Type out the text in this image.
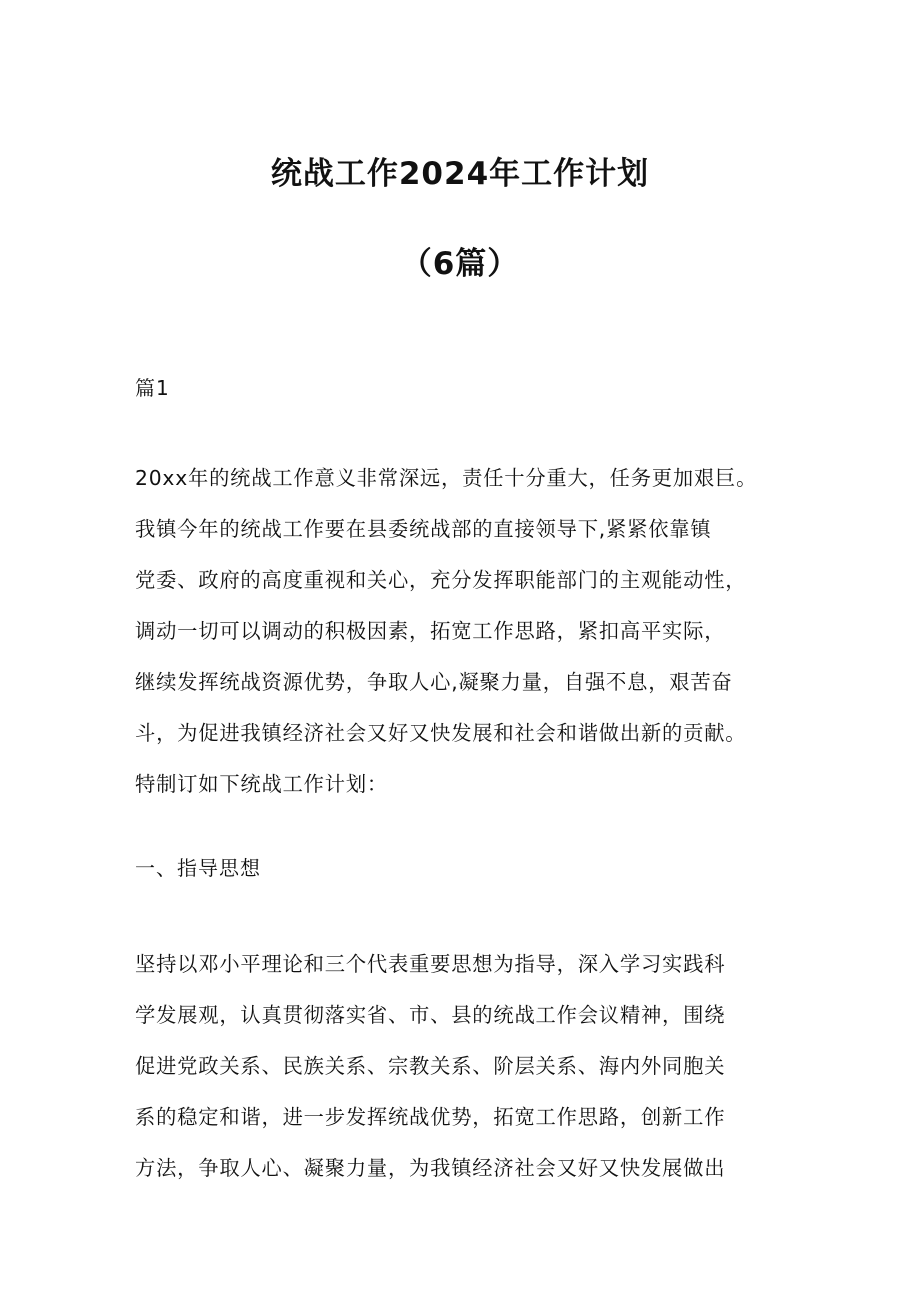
统战工作2024年工作计划
（6篇）

篇1

20xx年的统战工作意义非常深远，责任十分重大，任务更加艰巨。
我镇今年的统战工作要在县委统战部的直接领导下,紧紧依靠镇
党委、政府的高度重视和关心，充分发挥职能部门的主观能动性，
调动一切可以调动的积极因素，拓宽工作思路，紧扣高平实际，
继续发挥统战资源优势，争取人心,凝聚力量，自强不息，艰苦奋
斗，为促进我镇经济社会又好又快发展和社会和谐做出新的贡献。
特制订如下统战工作计划：

一、指导思想

坚持以邓小平理论和三个代表重要思想为指导，深入学习实践科
学发展观，认真贯彻落实省、市、县的统战工作会议精神，围绕
促进党政关系、民族关系、宗教关系、阶层关系、海内外同胞关
系的稳定和谐，进一步发挥统战优势，拓宽工作思路，创新工作
方法，争取人心、凝聚力量，为我镇经济社会又好又快发展做出
